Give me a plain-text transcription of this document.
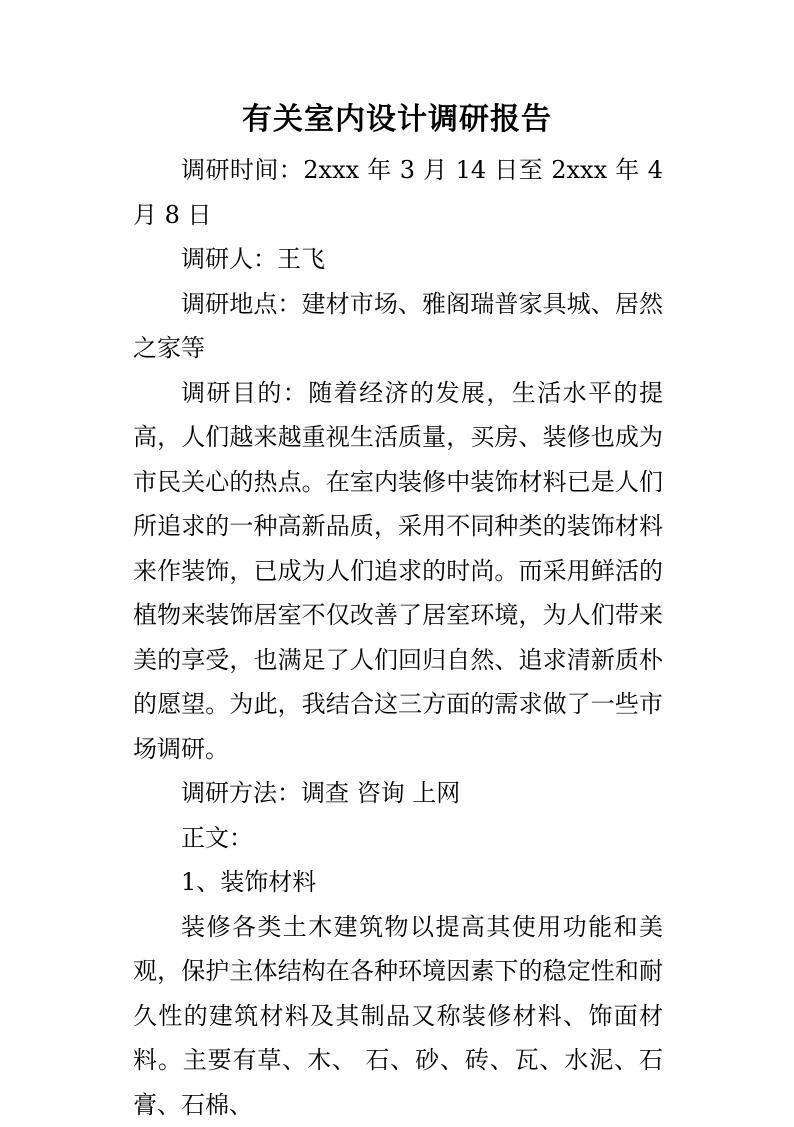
有关室内设计调研报告

调研时间：2xxx 年 3 月 14 日至 2xxx 年 4 月 8 日

调研人：王飞

调研地点：建材市场、雅阁瑞普家具城、居然之家等

调研目的：随着经济的发展，生活水平的提高，人们越来越重视生活质量，买房、装修也成为市民关心的热点。在室内装修中装饰材料已是人们所追求的一种高新品质，采用不同种类的装饰材料来作装饰，已成为人们追求的时尚。而采用鲜活的植物来装饰居室不仅改善了居室环境，为人们带来美的享受，也满足了人们回归自然、追求清新质朴的愿望。为此，我结合这三方面的需求做了一些市场调研。

调研方法：调查 咨询 上网

正文：

1、装饰材料

装修各类土木建筑物以提高其使用功能和美观，保护主体结构在各种环境因素下的稳定性和耐久性的建筑材料及其制品又称装修材料、饰面材料。主要有草、木、 石、砂、砖、瓦、水泥、石膏、石棉、
